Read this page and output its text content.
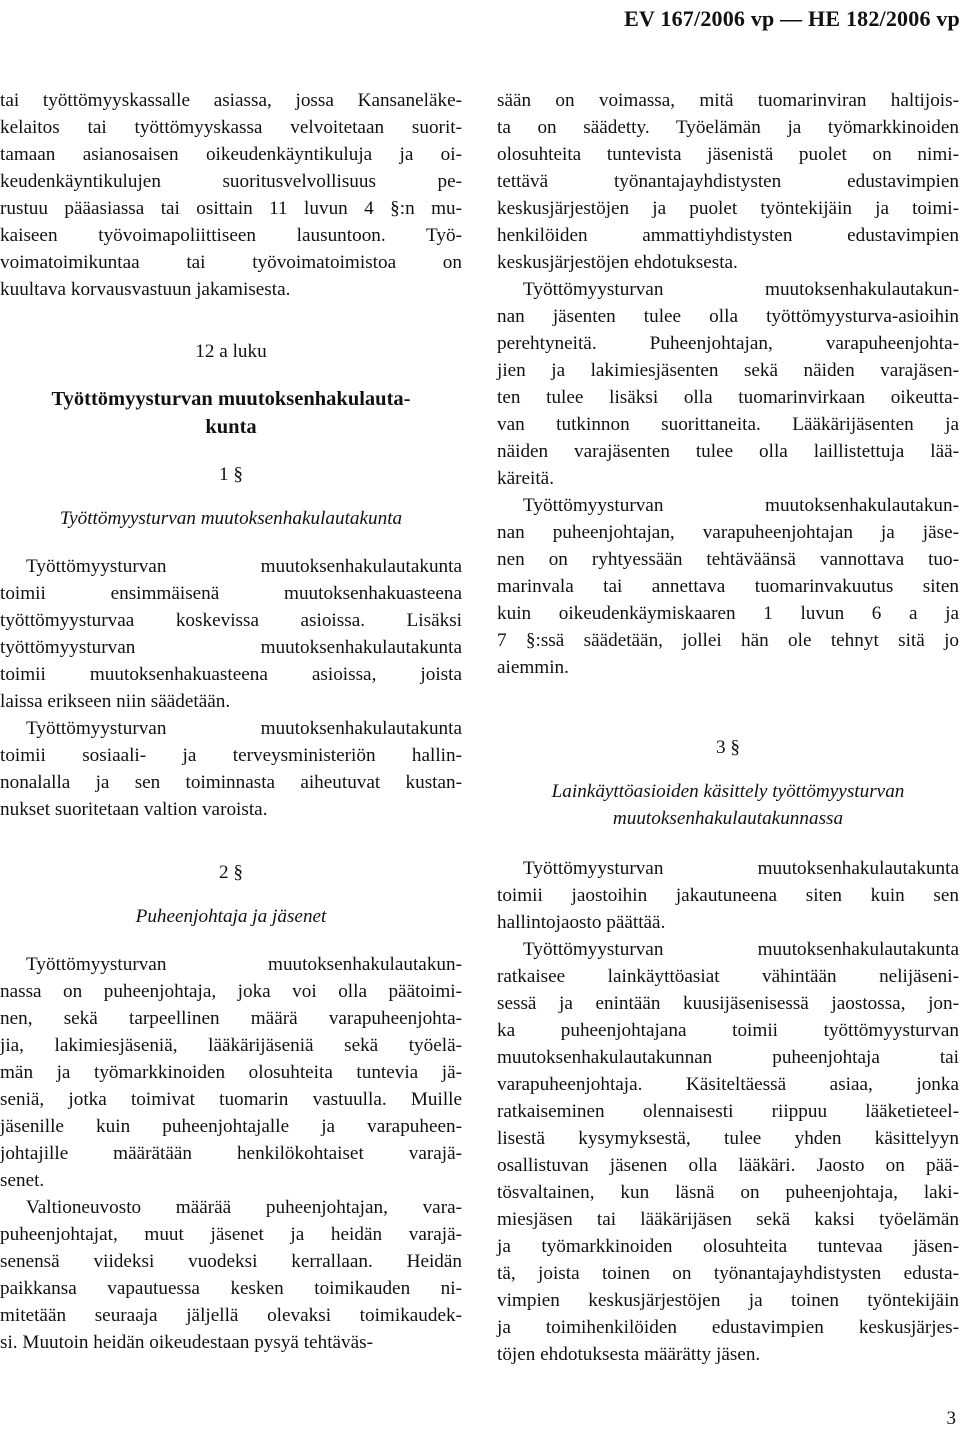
EV 167/2006 vp — HE 182/2006 vp
tai työttömyyskassalle asiassa, jossa Kansaneläke-
kelaitos tai työttömyyskassa velvoitetaan suorit-
tamaan asianosaisen oikeudenkäyntikuluja ja oi-
keudenkäyntikulujen suoritusvelvollisuus pe-
rustuu pääasiassa tai osittain 11 luvun 4 §:n mu-
kaiseen työvoimapoliittiseen lausuntoon. Työ-
voimatoimikuntaa tai työvoimatoimistoa on
kuultava korvausvastuun jakamisesta.
12 a luku
Työttömyysturvan muutoksenhakulauta-
kunta
1 §
Työttömyysturvan muutoksenhakulautakunta
Työttömyysturvan muutoksenhakulautakunta
toimii ensimmäisenä muutoksenhakuasteena
työttömyysturvaa koskevissa asioissa. Lisäksi
työttömyysturvan muutoksenhakulautakunta
toimii muutoksenhakuasteena asioissa, joista
laissa erikseen niin säädetään.
Työttömyysturvan muutoksenhakulautakunta
toimii sosiaali- ja terveysministeriön hallin-
nonalalla ja sen toiminnasta aiheutuvat kustan-
nukset suoritetaan valtion varoista.
2 §
Puheenjohtaja ja jäsenet
Työttömyysturvan muutoksenhakulautakun-
nassa on puheenjohtaja, joka voi olla päätoimi-
nen, sekä tarpeellinen määrä varapuheenjohta-
jia, lakimiesjäseniä, lääkärijäseniä sekä työelä-
män ja työmarkkinoiden olosuhteita tuntevia jä-
seniä, jotka toimivat tuomarin vastuulla. Muille
jäsenille kuin puheenjohtajalle ja varapuheen-
johtajille määrätään henkilökohtaiset varajä-
senet.
Valtioneuvosto määrää puheenjohtajan, vara-
puheenjohtajat, muut jäsenet ja heidän varajä-
senensä viideksi vuodeksi kerrallaan. Heidän
paikkansa vapautuessa kesken toimikauden ni-
mitetään seuraaja jäljellä olevaksi toimikaudek-
si. Muutoin heidän oikeudestaan pysyä tehtäväs-
sään on voimassa, mitä tuomarinviran haltijois-
ta on säädetty. Työelämän ja työmarkkinoiden
olosuhteita tuntevista jäsenistä puolet on nimi-
tettävä työnantajayhdistysten edustavimpien
keskusjärjestöjen ja puolet työntekijäin ja toimi-
henkilöiden ammattiyhdistysten edustavimpien
keskusjärjestöjen ehdotuksesta.
Työttömyysturvan muutoksenhakulautakun-
nan jäsenten tulee olla työttömyysturva-asioihin
perehtyneitä. Puheenjohtajan, varapuheenjohta-
jien ja lakimiesjäsenten sekä näiden varajäsen-
ten tulee lisäksi olla tuomarinvirkaan oikeutta-
van tutkinnon suorittaneita. Lääkärijäsenten ja
näiden varajäsenten tulee olla laillistettuja lää-
käreitä.
Työttömyysturvan muutoksenhakulautakun-
nan puheenjohtajan, varapuheenjohtajan ja jäse-
nen on ryhtyessään tehtäväänsä vannottava tuo-
marinvala tai annettava tuomarinvakuutus siten
kuin oikeudenkäymiskaaren 1 luvun 6 a ja
7 §:ssä säädetään, jollei hän ole tehnyt sitä jo
aiemmin.
3 §
Lainkäyttöasioiden käsittely työttömyysturvan
muutoksenhakulautakunnassa
Työttömyysturvan muutoksenhakulautakunta
toimii jaostoihin jakautuneena siten kuin sen
hallintojaosto päättää.
Työttömyysturvan muutoksenhakulautakunta
ratkaisee lainkäyttöasiat vähintään nelijäseni-
sessä ja enintään kuusijäsenisessä jaostossa, jon-
ka puheenjohtajana toimii työttömyysturvan
muutoksenhakulautakunnan puheenjohtaja tai
varapuheenjohtaja. Käsiteltäessä asiaa, jonka
ratkaiseminen olennaisesti riippuu lääketieteel-
lisestä kysymyksestä, tulee yhden käsittelyyn
osallistuvan jäsenen olla lääkäri. Jaosto on pää-
tösvaltainen, kun läsnä on puheenjohtaja, laki-
miesjäsen tai lääkärijäsen sekä kaksi työelämän
ja työmarkkinoiden olosuhteita tuntevaa jäsen-
tä, joista toinen on työnantajayhdistysten edusta-
vimpien keskusjärjestöjen ja toinen työntekijäin
ja toimihenkilöiden edustavimpien keskusjärjes-
töjen ehdotuksesta määrätty jäsen.
3
